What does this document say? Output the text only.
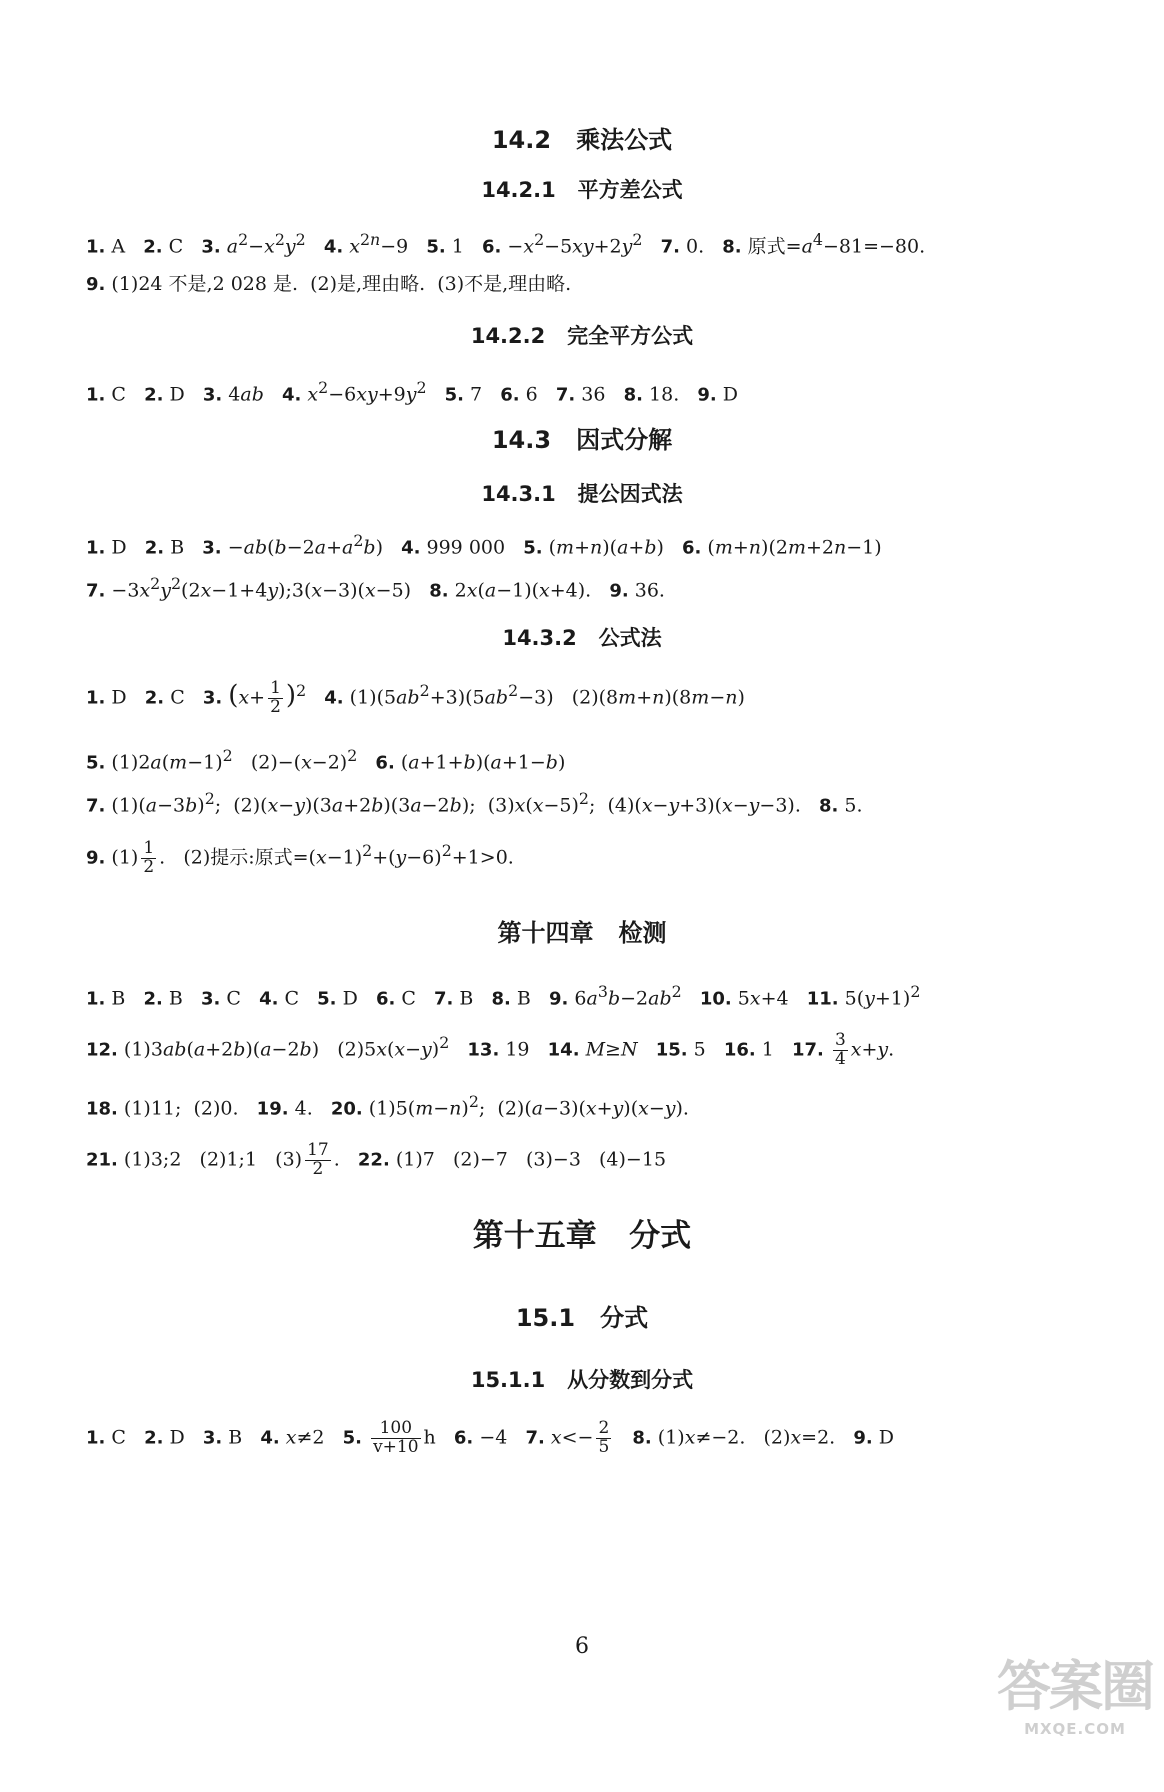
14.2   乘法公式
14.2.1   平方差公式
1. A   2. C   3. $a^2-x^2y^2$ 4. $x^{2n}-9$   5. 1   6. $-x^2-5xy+2y^2$ 7. 0.   8. 原式$=a^4-81=-80$.
9. (1)24 不是,2 028 是.  (2)是,理由略.  (3)不是,理由略.
14.2.2   完全平方公式
1. C   2. D   3. 4ab 4. $x^2-6xy+9y^2$ 5. 7   6. 6   7. 36   8. 18.   9. D
14.3   因式分解
14.3.1   提公因式法
1. D   2. B   3. $-ab(b-2a+a^2b)$   4. 999 000   5. (m+n)(a+b)   6. (m+n)(2m+2n−1)
7. $-3x^2y^2(2x-1+4y);3(x-3)(x-5)$   8. 2x(a−1)(x+4).   9. 36.
14.3.2   公式法
1. D   2. C   3. $(x+ \frac{1}{2} )^2$ 4. $(1)(5ab^2+3)(5ab^2-3)$   (2)(8m+n)(8m−n)
5. $(1)2a(m-1)^2$   $(2)-(x-2)^2$ 6. (a+1+b)(a+1−b)
7. $(1)(a-3b)^2$;  (2)(x−y)(3a+2b)(3a−2b);  $(3)x(x-5)^2$;  (4)(x−y+3)(x−y−3).   8. 5.
9. $(1) \frac{1}{2}$ .   (2)提示:原式$=(x-1)^2+(y-6)^2+1>0$.
第十四章   检测
1. B   2. B   3. C   4. C   5. D   6. C   7. B   8. B   9. $6a^3b-2ab^2$ 10. 5x+4   11. $5(y+1)^2$
12. (1)3ab(a+2b)(a−2b)   $(2)5x(x-y)^2$ 13. 19   14. M≥N 15. 5   16. 1   17. $\frac{3}{4} x+y$.
18. (1)11;  (2)0.   19. 4.   20. $(1)5(m-n)^2$;  (2)(a−3)(x+y)(x−y).
21. (1)3;2   (2)1;1   $(3) \frac{17}{2}$ .   22. (1)7   (2)−7   (3)−3   (4)−15
第十五章   分式
15.1   分式
15.1.1   从分数到分式
1. C   2. D   3. B   4. x≠2   5. $\frac{100}{v+10}$ h   6. −4   7. $x<- \frac{2}{5} 8$. (1)x≠−2.   (2)x=2.   9. D
6
答案圈
MXQE.COM
